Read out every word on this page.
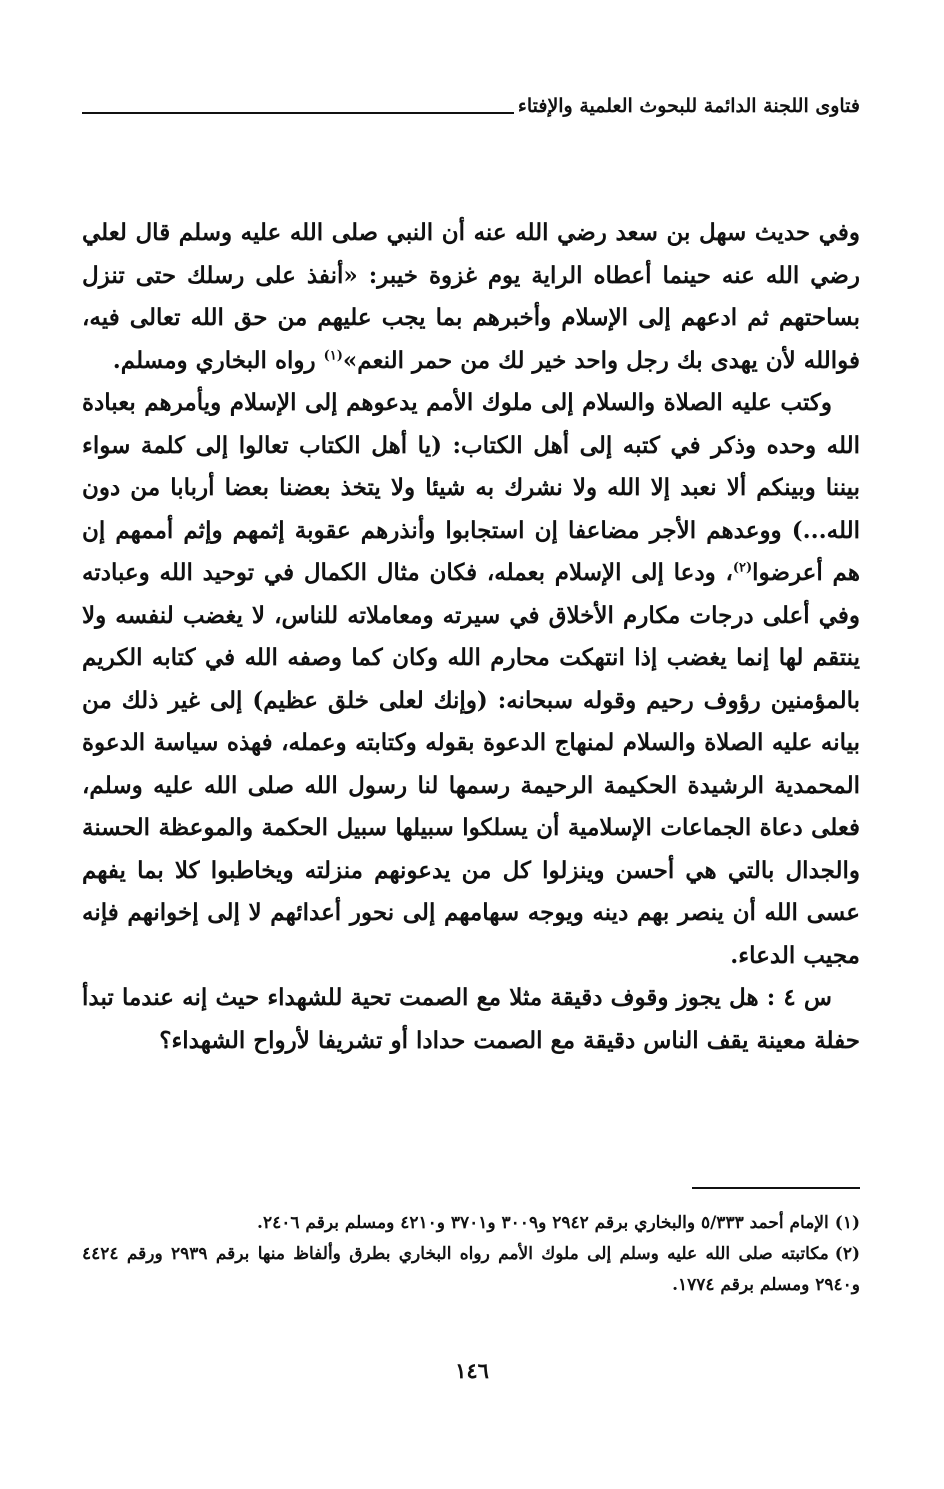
فتاوى اللجنة الدائمة للبحوث العلمية والإفتاء

وفي حديث سهل بن سعد رضي الله عنه أن النبي صلى الله عليه وسلم قال لعلي رضي الله عنه حينما أعطاه الراية يوم غزوة خيبر: «أنفذ على رسلك حتى تنزل بساحتهم ثم ادعهم إلى الإسلام وأخبرهم بما يجب عليهم من حق الله تعالى فيه، فوالله لأن يهدى بك رجل واحد خير لك من حمر النعم»$^{(١)}$ رواه البخاري ومسلم.

وكتب عليه الصلاة والسلام إلى ملوك الأمم يدعوهم إلى الإسلام ويأمرهم بعبادة الله وحده وذكر في كتبه إلى أهل الكتاب: (يا أهل الكتاب تعالوا إلى كلمة سواء بيننا وبينكم ألا نعبد إلا الله ولا نشرك به شيئا ولا يتخذ بعضنا بعضا أربابا من دون الله...) ووعدهم الأجر مضاعفا إن استجابوا وأنذرهم عقوبة إثمهم وإثم أممهم إن هم أعرضوا$^{(٢)}$، ودعا إلى الإسلام بعمله، فكان مثال الكمال في توحيد الله وعبادته وفي أعلى درجات مكارم الأخلاق في سيرته ومعاملاته للناس، لا يغضب لنفسه ولا ينتقم لها إنما يغضب إذا انتهكت محارم الله وكان كما وصفه الله في كتابه الكريم بالمؤمنين رؤوف رحيم وقوله سبحانه: (وإنك لعلى خلق عظيم) إلى غير ذلك من بيانه عليه الصلاة والسلام لمنهاج الدعوة بقوله وكتابته وعمله، فهذه سياسة الدعوة المحمدية الرشيدة الحكيمة الرحيمة رسمها لنا رسول الله صلى الله عليه وسلم، فعلى دعاة الجماعات الإسلامية أن يسلكوا سبيلها سبيل الحكمة والموعظة الحسنة والجدال بالتي هي أحسن وينزلوا كل من يدعونهم منزلته ويخاطبوا كلا بما يفهم عسى الله أن ينصر بهم دينه ويوجه سهامهم إلى نحور أعدائهم لا إلى إخوانهم فإنه مجيب الدعاء.

س ٤ : هل يجوز وقوف دقيقة مثلا مع الصمت تحية للشهداء حيث إنه عندما تبدأ حفلة معينة يقف الناس دقيقة مع الصمت حدادا أو تشريفا لأرواح الشهداء؟

(١)الإمام أحمد ٥/٣٣٣ والبخاري برقم ٢٩٤٢ و٣٠٠٩ و٣٧٠١ و٤٢١٠ ومسلم برقم ٢٤٠٦.

(٢)مكاتبته صلى الله عليه وسلم إلى ملوك الأمم رواه البخاري بطرق وألفاظ منها برقم ٢٩٣٩ ورقم ٤٤٢٤ و٢٩٤٠ ومسلم برقم ١٧٧٤.

١٤٦
